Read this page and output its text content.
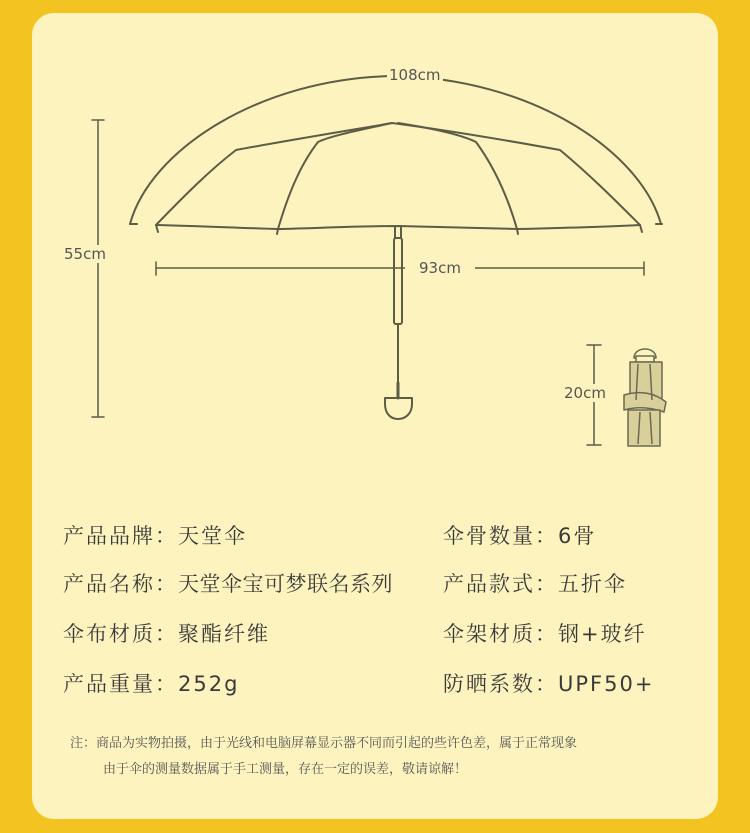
108cm
93cm
55cm
20cm
产品品牌：天堂伞	伞骨数量：6骨
产品名称：天堂伞宝可梦联名系列 产品款式：五折伞
伞布材质：聚酯纤维	伞架材质：钢+玻纤
产品重量：252g	防晒系数：UPF50+
注：商品为实物拍摄，由于光线和电脑屏幕显示器不同而引起的些许色差，属于正常现象
由于伞的测量数据属于手工测量，存在一定的误差，敬请谅解！
